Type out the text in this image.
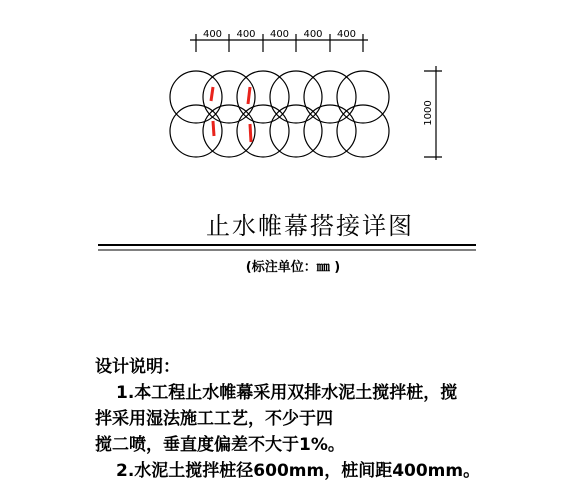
400 400 400 400 400
1000
止水帷幕搭接详图
(标注单位：㎜ )

设计说明：

1.本工程止水帷幕采用双排水泥土搅拌桩，搅

拌采用湿法施工工艺，不少于四

搅二喷，垂直度偏差不大于1%。

2.水泥土搅拌桩径600mm，桩间距400mm。
